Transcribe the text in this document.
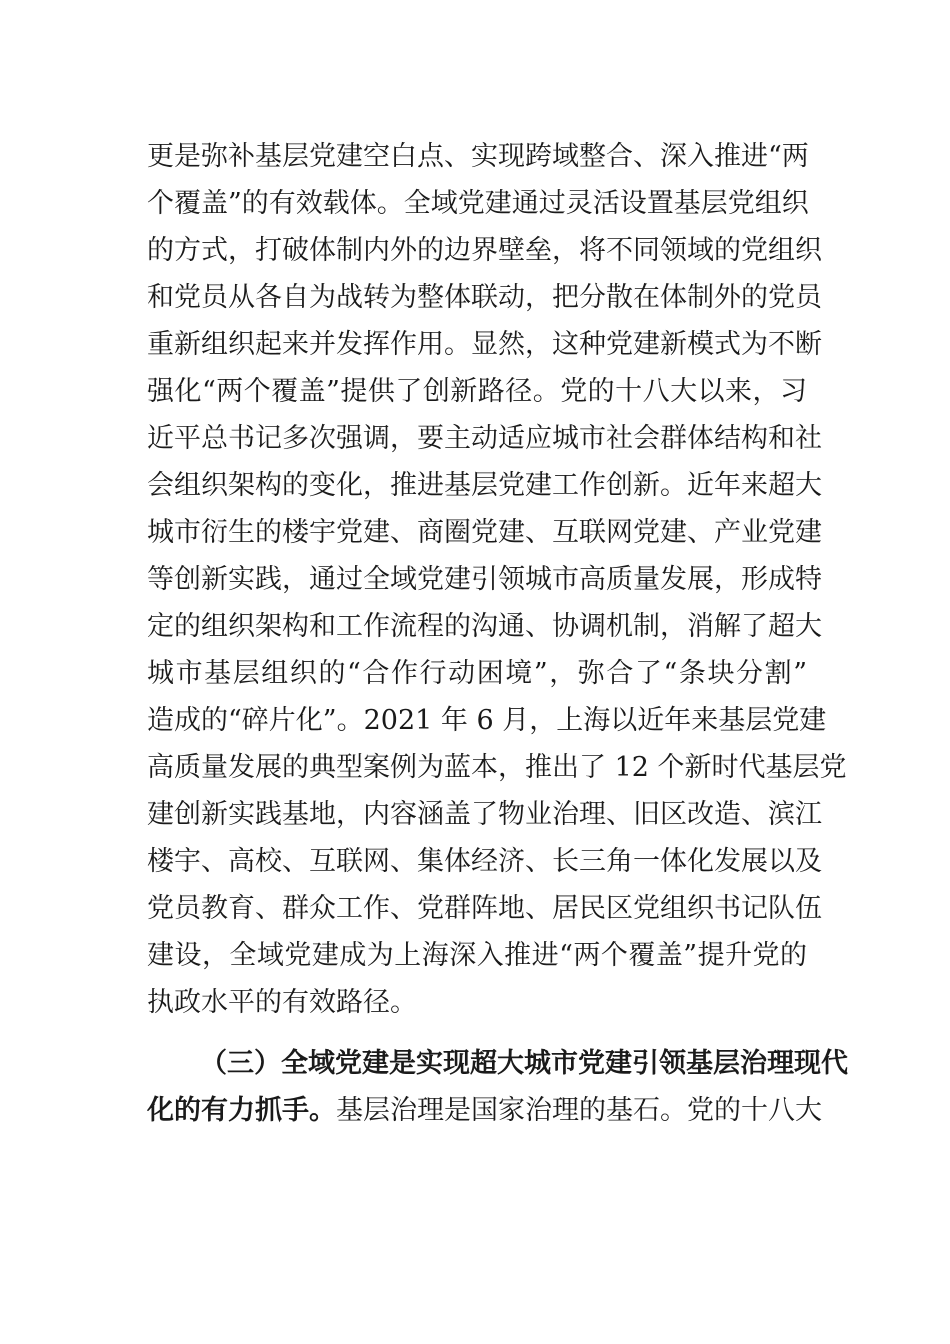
更是弥补基层党建空白点、实现跨域整合、深入推进“两
个覆盖”的有效载体。全域党建通过灵活设置基层党组织
的方式，打破体制内外的边界壁垒，将不同领域的党组织
和党员从各自为战转为整体联动，把分散在体制外的党员
重新组织起来并发挥作用。显然，这种党建新模式为不断
强化“两个覆盖”提供了创新路径。党的十八大以来，习
近平总书记多次强调，要主动适应城市社会群体结构和社
会组织架构的变化，推进基层党建工作创新。近年来超大
城市衍生的楼宇党建、商圈党建、互联网党建、产业党建
等创新实践，通过全域党建引领城市高质量发展，形成特
定的组织架构和工作流程的沟通、协调机制，消解了超大
城市基层组织的“合作行动困境”，弥合了“条块分割”
造成的“碎片化”。2021 年 6 月，上海以近年来基层党建
高质量发展的典型案例为蓝本，推出了 12 个新时代基层党
建创新实践基地，内容涵盖了物业治理、旧区改造、滨江
楼宇、高校、互联网、集体经济、长三角一体化发展以及
党员教育、群众工作、党群阵地、居民区党组织书记队伍
建设，全域党建成为上海深入推进“两个覆盖”提升党的
执政水平的有效路径。
（三）全域党建是实现超大城市党建引领基层治理现代
化的有力抓手。基层治理是国家治理的基石。党的十八大
